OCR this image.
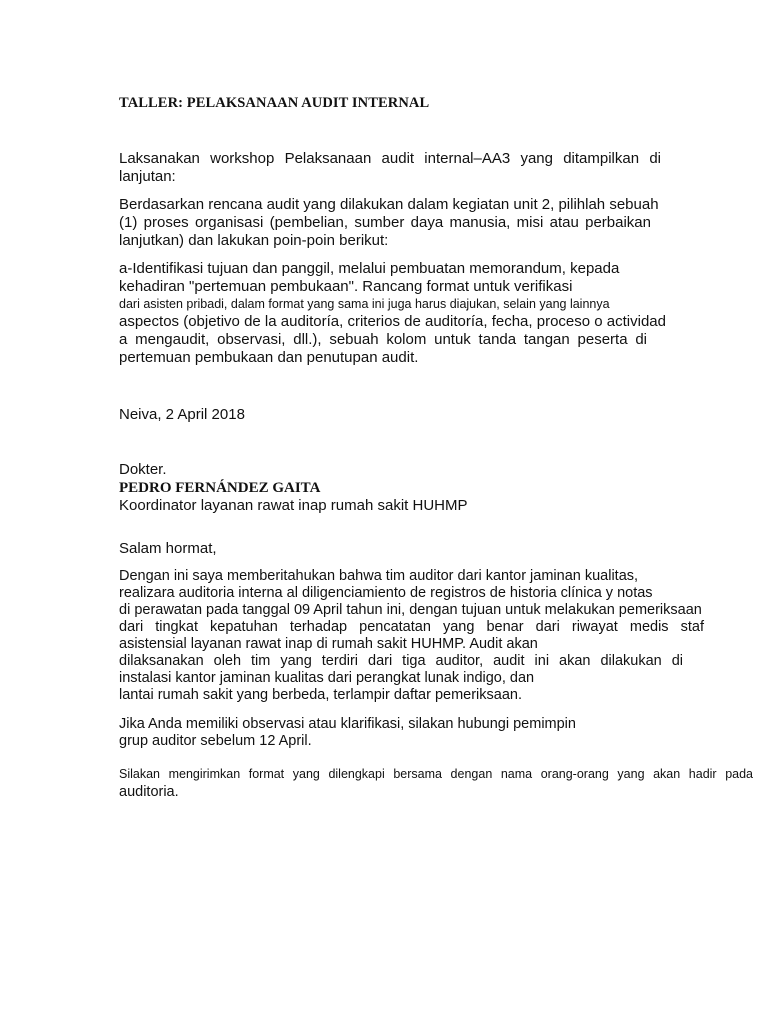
TALLER: PELAKSANAAN AUDIT INTERNAL
Laksanakan workshop Pelaksanaan audit internal–AA3 yang ditampilkan di
lanjutan:
Berdasarkan rencana audit yang dilakukan dalam kegiatan unit 2, pilihlah sebuah
(1) proses organisasi (pembelian, sumber daya manusia, misi atau perbaikan
lanjutkan) dan lakukan poin-poin berikut:
a-Identifikasi tujuan dan panggil, melalui pembuatan memorandum, kepada
kehadiran "pertemuan pembukaan". Rancang format untuk verifikasi
dari asisten pribadi, dalam format yang sama ini juga harus diajukan, selain yang lainnya
aspectos (objetivo de la auditoría, criterios de auditoría, fecha, proceso o actividad
a mengaudit, observasi, dll.), sebuah kolom untuk tanda tangan peserta di
pertemuan pembukaan dan penutupan audit.
Neiva, 2 April 2018
Dokter.
PEDRO FERNÁNDEZ GAITA
Koordinator layanan rawat inap rumah sakit HUHMP
Salam hormat,
Dengan ini saya memberitahukan bahwa tim auditor dari kantor jaminan kualitas,
realizara auditoria interna al diligenciamiento de registros de historia clínica y notas
di perawatan pada tanggal 09 April tahun ini, dengan tujuan untuk melakukan pemeriksaan
dari tingkat kepatuhan terhadap pencatatan yang benar dari riwayat medis staf
asistensial layanan rawat inap di rumah sakit HUHMP. Audit akan
dilaksanakan oleh tim yang terdiri dari tiga auditor, audit ini akan dilakukan di
instalasi kantor jaminan kualitas dari perangkat lunak indigo, dan
lantai rumah sakit yang berbeda, terlampir daftar pemeriksaan.
Jika Anda memiliki observasi atau klarifikasi, silakan hubungi pemimpin
grup auditor sebelum 12 April.
Silakan mengirimkan format yang dilengkapi bersama dengan nama orang-orang yang akan hadir pada
auditoria.
